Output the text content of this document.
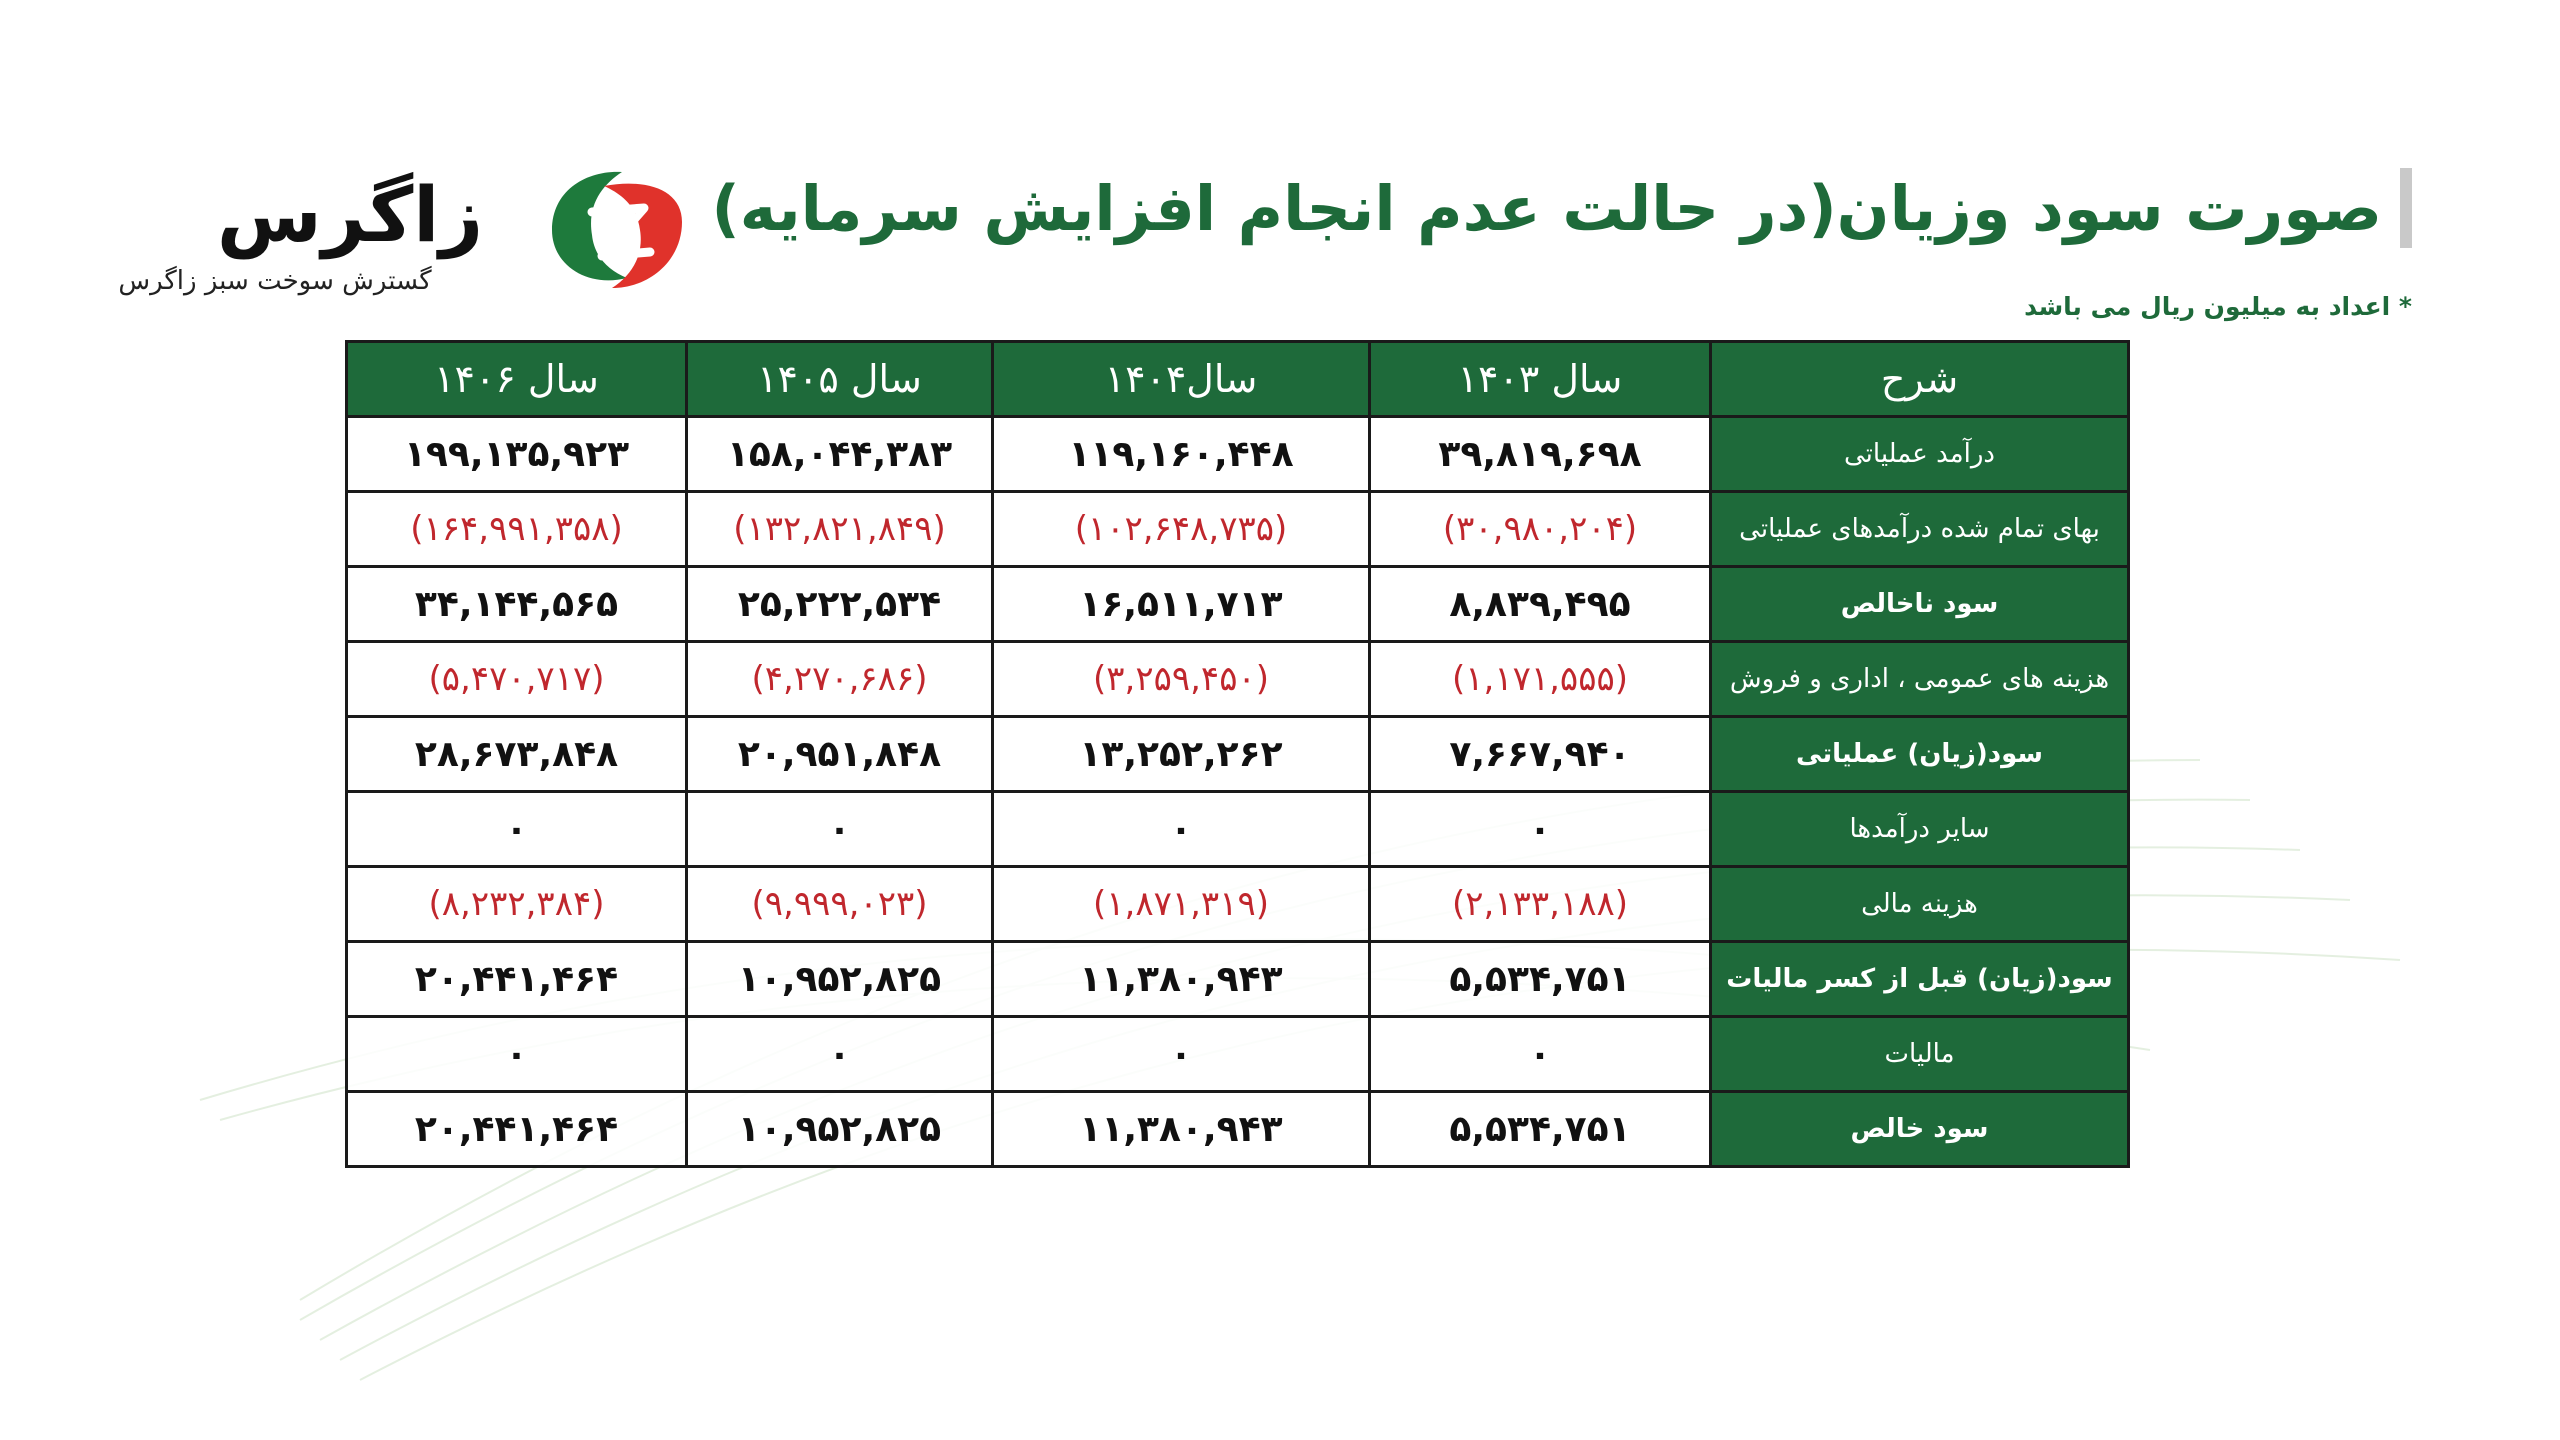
زاگرس
گسترش سوخت سبز زاگرس
صورت سود وزیان(در حالت عدم انجام افزایش سرمایه)
* اعداد به میلیون ریال می باشد
سال ۱۴۰۶	سال ۱۴۰۵	سال۱۴۰۴	سال ۱۴۰۳	شرح
۱۹۹,۱۳۵,۹۲۳	۱۵۸,۰۴۴,۳۸۳	۱۱۹,۱۶۰,۴۴۸	۳۹,۸۱۹,۶۹۸	درآمد عملیاتی
(۱۶۴,۹۹۱,۳۵۸)	(۱۳۲,۸۲۱,۸۴۹)	(۱۰۲,۶۴۸,۷۳۵)	(۳۰,۹۸۰,۲۰۴)	بهای تمام شده درآمدهای عملیاتی
۳۴,۱۴۴,۵۶۵	۲۵,۲۲۲,۵۳۴	۱۶,۵۱۱,۷۱۳	۸,۸۳۹,۴۹۵	سود ناخالص
(۵,۴۷۰,۷۱۷)	(۴,۲۷۰,۶۸۶)	(۳,۲۵۹,۴۵۰)	(۱,۱۷۱,۵۵۵)	هزینه های عمومی ، اداری و فروش
۲۸,۶۷۳,۸۴۸	۲۰,۹۵۱,۸۴۸	۱۳,۲۵۲,۲۶۲	۷,۶۶۷,۹۴۰	سود(زیان) عملیاتی
۰	۰	۰	۰	سایر درآمدها
(۸,۲۳۲,۳۸۴)	(۹,۹۹۹,۰۲۳)	(۱,۸۷۱,۳۱۹)	(۲,۱۳۳,۱۸۸)	هزینه مالی
۲۰,۴۴۱,۴۶۴	۱۰,۹۵۲,۸۲۵	۱۱,۳۸۰,۹۴۳	۵,۵۳۴,۷۵۱	سود(زیان) قبل از کسر مالیات
۰	۰	۰	۰	مالیات
۲۰,۴۴۱,۴۶۴	۱۰,۹۵۲,۸۲۵	۱۱,۳۸۰,۹۴۳	۵,۵۳۴,۷۵۱	سود خالص
